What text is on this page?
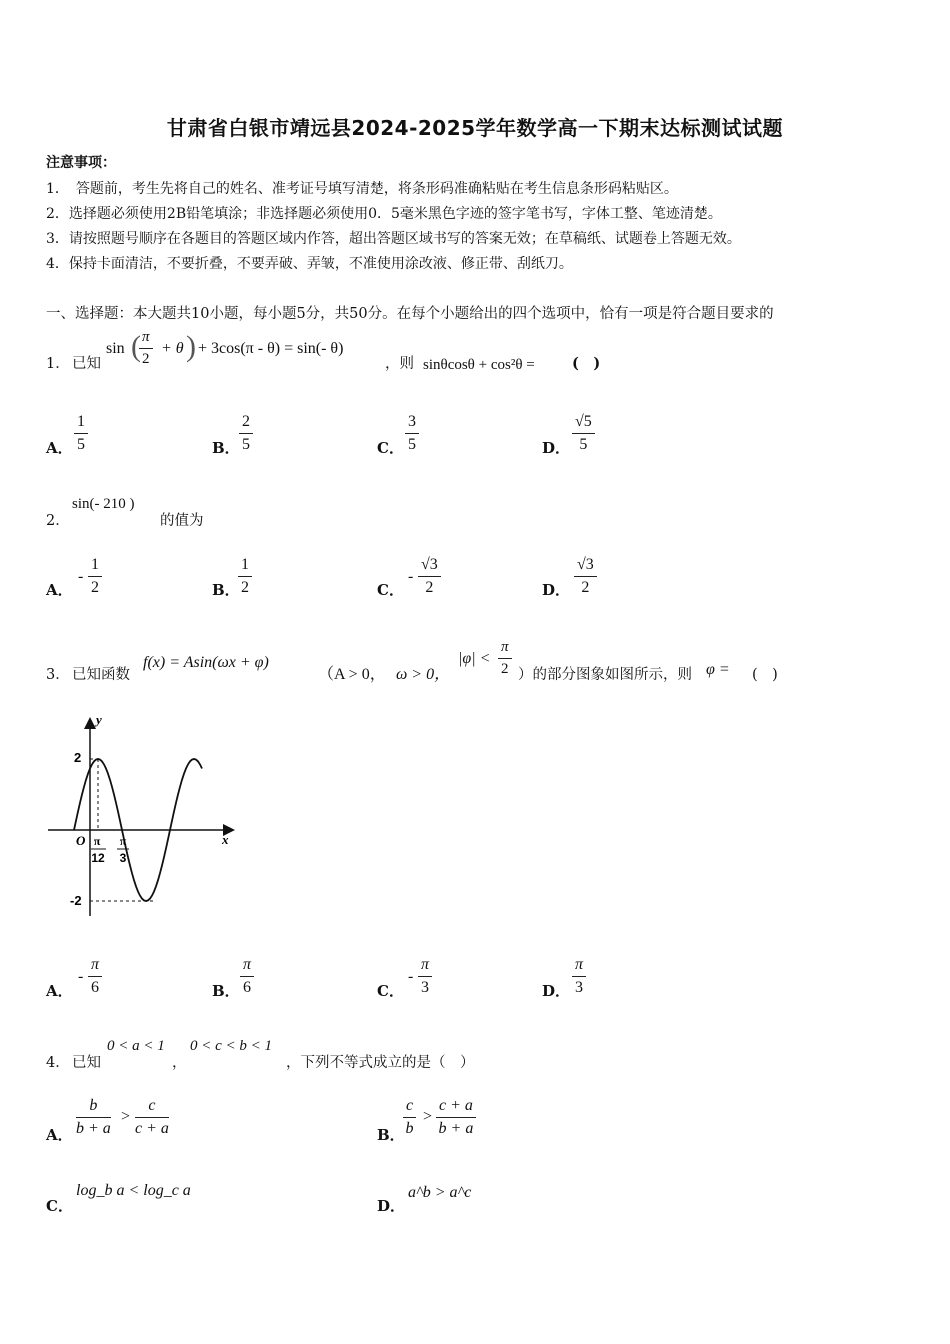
甘肃省白银市靖远县2024-2025学年数学高一下期末达标测试试题
注意事项：
1．　答题前，考生先将自己的姓名、准考证号填写清楚，将条形码准确粘贴在考生信息条形码粘贴区。
2．选择题必须使用2B铅笔填涂；非选择题必须使用0．5毫米黑色字迹的签字笔书写，字体工整、笔迹清楚。
3．请按照题号顺序在各题目的答题区域内作答，超出答题区域书写的答案无效；在草稿纸、试题卷上答题无效。
4．保持卡面清洁，不要折叠，不要弄破、弄皱，不准使用涂改液、修正带、刮纸刀。
一、选择题：本大题共10小题，每小题5分，共50分。在每个小题给出的四个选项中，恰有一项是符合题目要求的
1． 已知
sin (
$\frac{\pi}{2} + \theta$ ) + 3cos(π - θ) = sin(- θ)
，则 sinθcosθ + cos²θ =	(　)
A． $\frac{1}{5}$	B． $\frac{2}{5}$	C． $\frac{3}{5}$	D． $\frac{√5}{5}$
2．
sin(- 210 )
的值为
A．
- $\frac{1}{2}$	B．
$\frac{1}{2}$	C．
- $\frac{√3}{2}$	D． $\frac{√3}{2}$
3． 已知函数
f(x) = Asin(ωx + φ)
（A > 0， ω > 0，
$|\varphi| < \frac{\pi}{2}$ ）的部分图象如图所示，则 φ = (　)
y
x
O
2
-2
π
12
π
3
A．
- $\frac{\pi}{6}$	B． $\frac{\pi}{6}$	C．
- $\frac{\pi}{3}$	D． $\frac{\pi}{3}$
4． 已知
0 < a < 1
，
0 < c < b < 1
，下列不等式成立的是（　）
A． $\frac{b}{b + a} > \frac{c}{c + a}$	B．
$\frac{c}{b} > \frac{c + a}{b + a}$
C．
log_b a < log_c a
D．
a^b > a^c
